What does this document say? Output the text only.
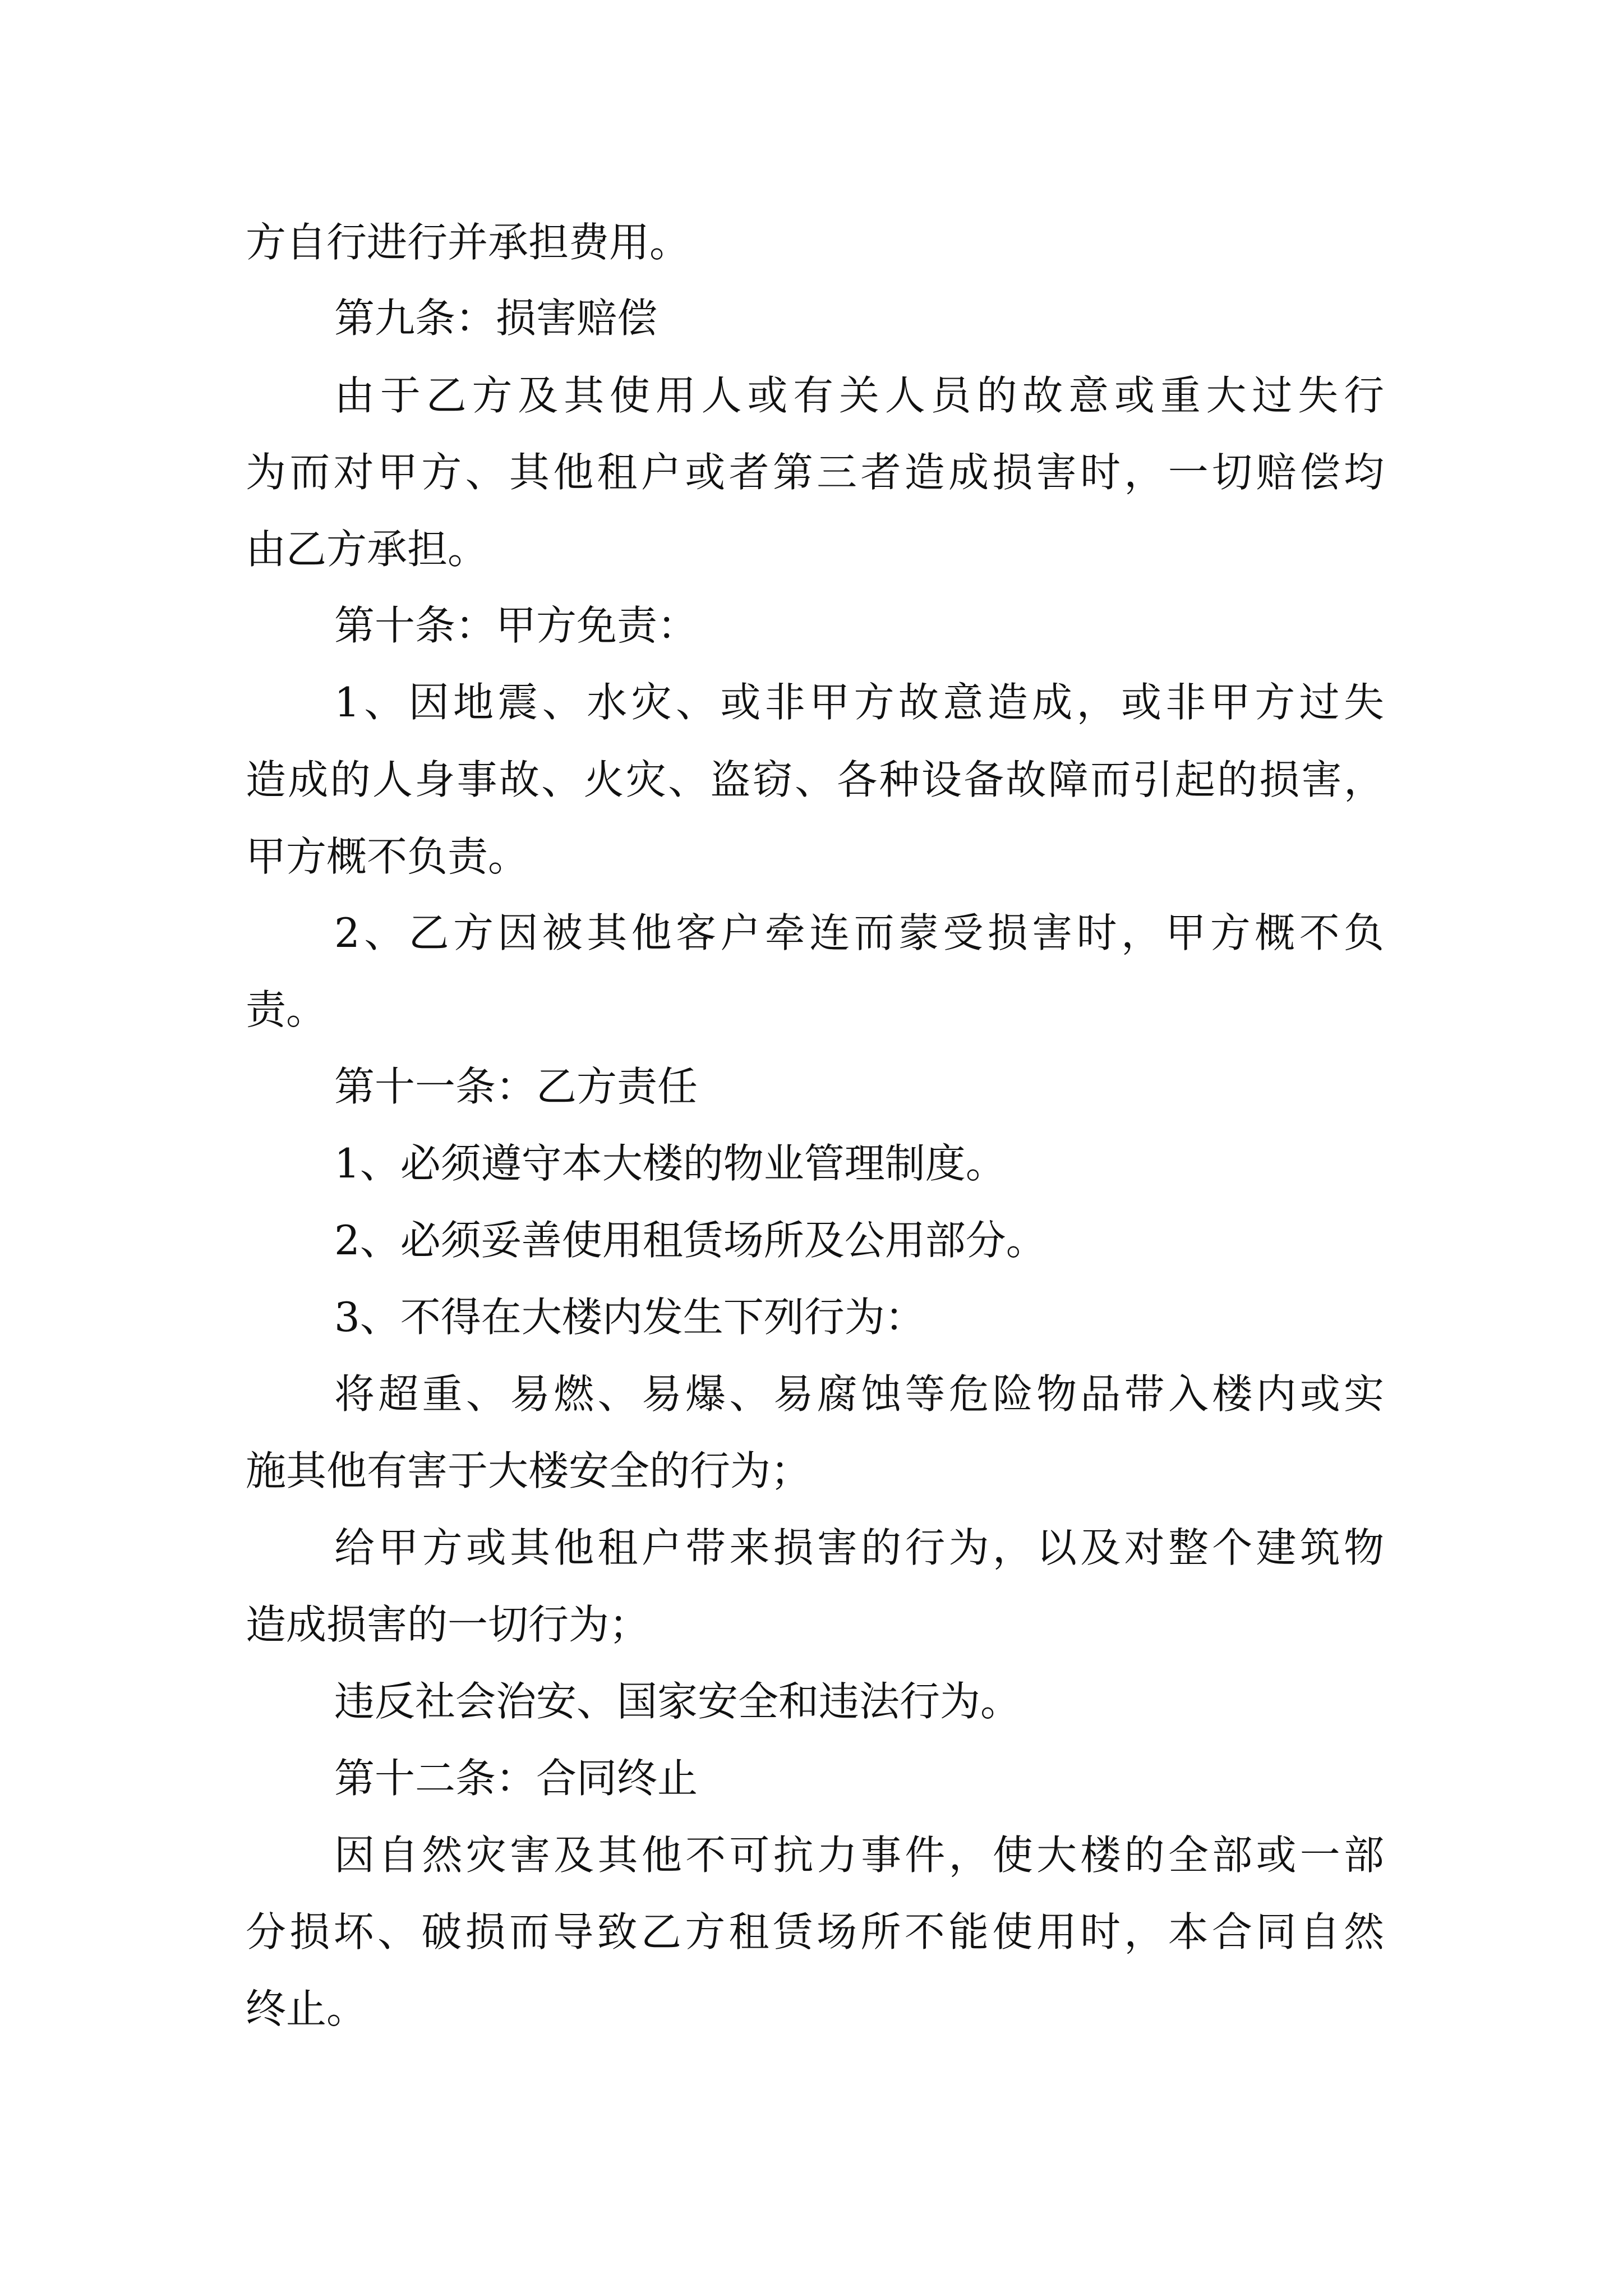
方自行进行并承担费用。
第九条：损害赔偿
由于乙方及其使用人或有关人员的故意或重大过失行
为而对甲方、其他租户或者第三者造成损害时，一切赔偿均
由乙方承担。
第十条：甲方免责：
1、因地震、水灾、或非甲方故意造成，或非甲方过失
造成的人身事故、火灾、盗窃、各种设备故障而引起的损害，
甲方概不负责。
2、乙方因被其他客户牵连而蒙受损害时，甲方概不负
责。
第十一条：乙方责任
1、必须遵守本大楼的物业管理制度。
2、必须妥善使用租赁场所及公用部分。
3、不得在大楼内发生下列行为：
将超重、易燃、易爆、易腐蚀等危险物品带入楼内或实
施其他有害于大楼安全的行为；
给甲方或其他租户带来损害的行为，以及对整个建筑物
造成损害的一切行为；
违反社会治安、国家安全和违法行为。
第十二条：合同终止
因自然灾害及其他不可抗力事件，使大楼的全部或一部
分损坏、破损而导致乙方租赁场所不能使用时，本合同自然
终止。
